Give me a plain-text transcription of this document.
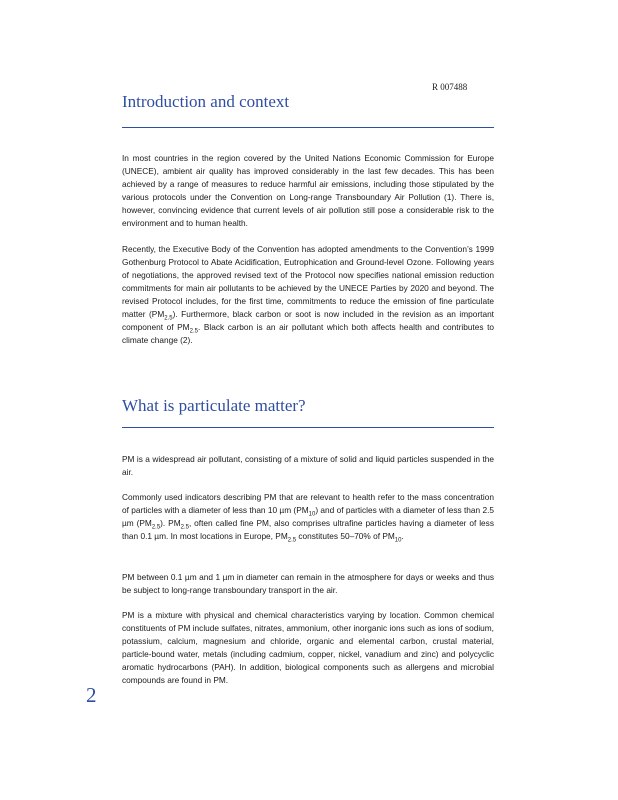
R 007488
Introduction and context

In most countries in the region covered by the United Nations Economic Commission for Europe (UNECE), ambient air quality has improved considerably in the last few decades. This has been achieved by a range of measures to reduce harmful air emissions, including those stipulated by the various protocols under the Convention on Long-range Transboundary Air Pollution (1). There is, however, convincing evidence that current levels of air pollution still pose a considerable risk to the environment and to human health.

Recently, the Executive Body of the Convention has adopted amendments to the Convention’s 1999 Gothenburg Protocol to Abate Acidification, Eutrophication and Ground-level Ozone. Following years of negotiations, the approved revised text of the Protocol now specifies national emission reduction commitments for main air pollutants to be achieved by the UNECE Parties by 2020 and beyond. The revised Protocol includes, for the first time, commitments to reduce the emission of fine particulate matter $(PM_{2.5})$. Furthermore, black carbon or soot is now included in the revision as an important component of $PM_{2.5}$. Black carbon is an air pollutant which both affects health and contributes to climate change (2).

What is particulate matter?

PM is a widespread air pollutant, consisting of a mixture of solid and liquid particles suspended in the air.

Commonly used indicators describing PM that are relevant to health refer to the mass concentration of particles with a diameter of less than 10 µm $(PM_{10})$ and of particles with a diameter of less than 2.5 µm $(PM_{2.5})$. $PM_{2.5}$, often called fine PM, also comprises ultrafine particles having a diameter of less than 0.1 µm. In most locations in Europe, $PM_{2.5}$ constitutes 50–70% of $PM_{10}$.

PM between 0.1 µm and 1 µm in diameter can remain in the atmosphere for days or weeks and thus be subject to long-range transboundary transport in the air.

PM is a mixture with physical and chemical characteristics varying by location. Common chemical constituents of PM include sulfates, nitrates, ammonium, other inorganic ions such as ions of sodium, potassium, calcium, magnesium and chloride, organic and elemental carbon, crustal material, particle-bound water, metals (including cadmium, copper, nickel, vanadium and zinc) and polycyclic aromatic hydrocarbons (PAH). In addition, biological components such as allergens and microbial compounds are found in PM.

2
